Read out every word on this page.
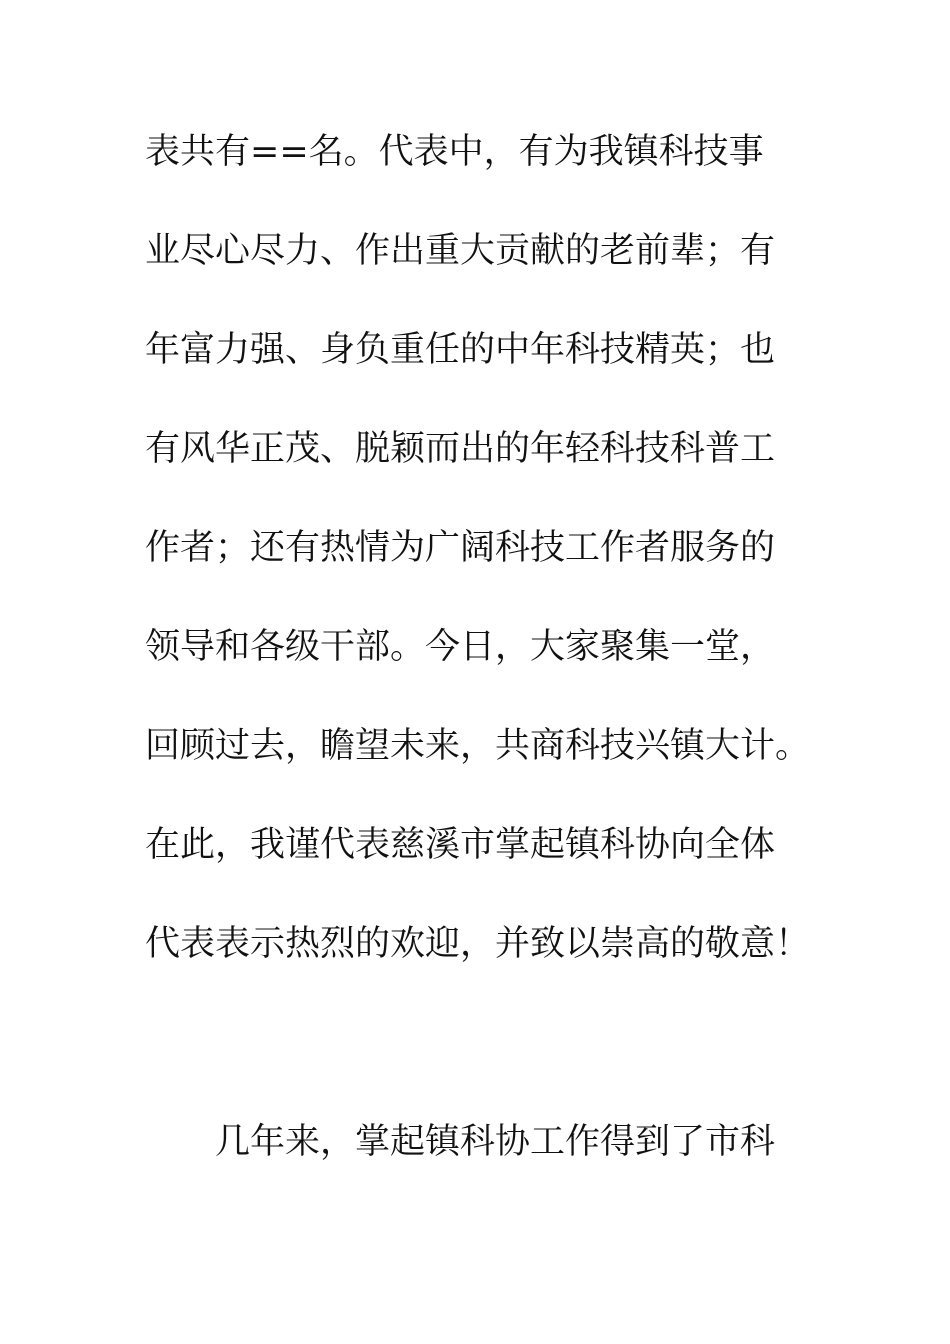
表共有==名。代表中，有为我镇科技事
业尽心尽力、作出重大贡献的老前辈；有
年富力强、身负重任的中年科技精英；也
有风华正茂、脱颖而出的年轻科技科普工
作者；还有热情为广阔科技工作者服务的
领导和各级干部。今日，大家聚集一堂，
回顾过去，瞻望未来，共商科技兴镇大计。
在此，我谨代表慈溪市掌起镇科协向全体
代表表示热烈的欢迎，并致以崇高的敬意！
几年来，掌起镇科协工作得到了市科
